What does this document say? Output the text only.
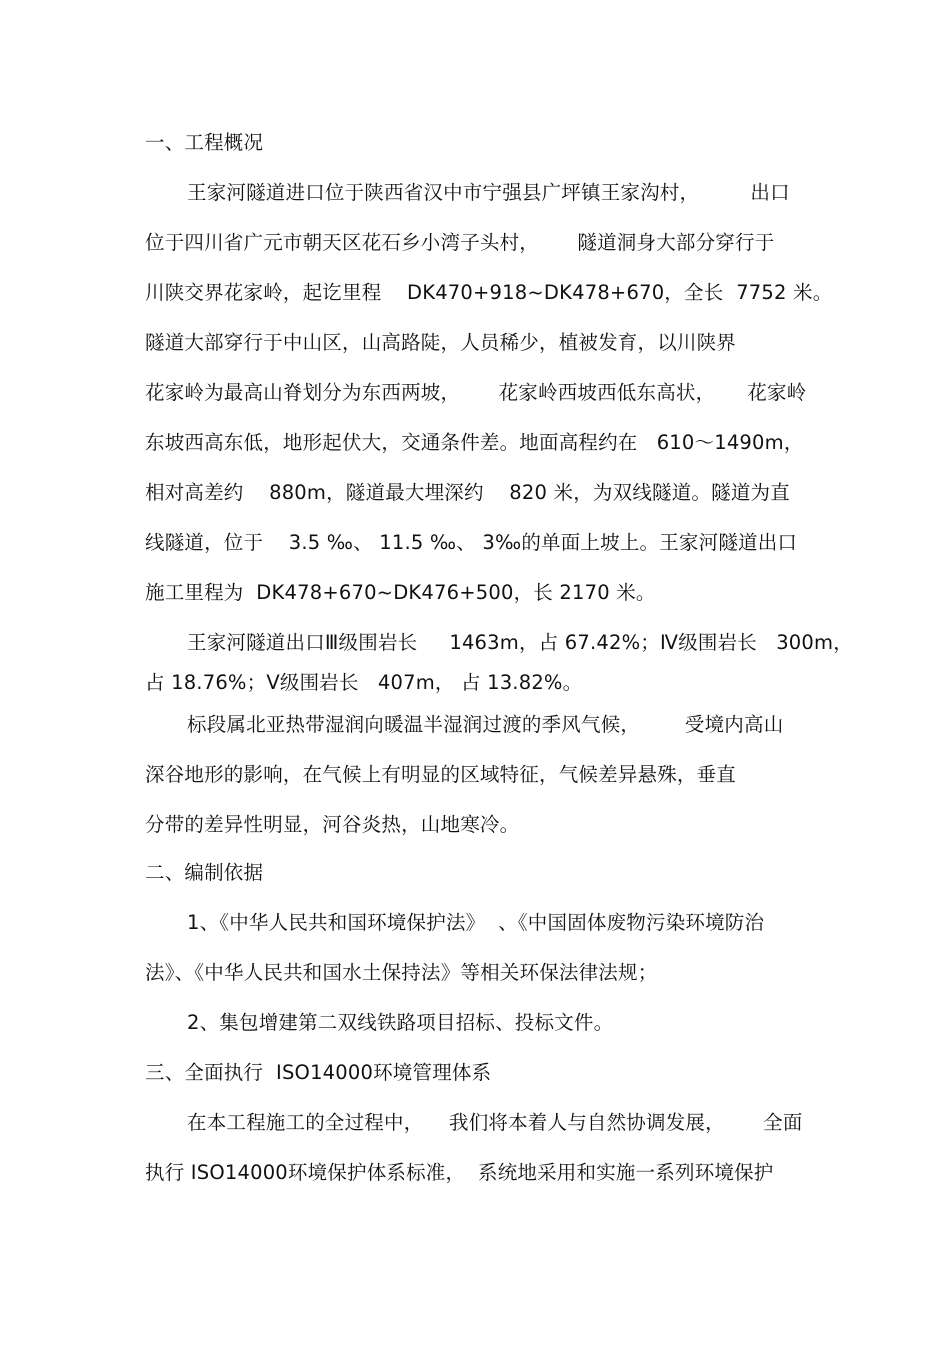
一、工程概况
王家河隧道进口位于陕西省汉中市宁强县广坪镇王家沟村，        出口
位于四川省广元市朝天区花石乡小湾子头村，      隧道洞身大部分穿行于
川陕交界花家岭，起讫里程    DK470+918~DK478+670，全长  7752 米。
隧道大部穿行于中山区，山高路陡，人员稀少，植被发育，以川陕界
花家岭为最高山脊划分为东西两坡，      花家岭西坡西低东高状，     花家岭
东坡西高东低，地形起伏大，交通条件差。地面高程约在   610～1490m，
相对高差约    880m，隧道最大埋深约    820 米，为双线隧道。隧道为直
线隧道，位于    3.5 ‰、 11.5 ‰、 3‰的单面上坡上。王家河隧道出口
施工里程为  DK478+670~DK476+500，长 2170 米。
王家河隧道出口Ⅲ级围岩长     1463m，占 67.42%；Ⅳ级围岩长   300m，
占 18.76%；Ⅴ级围岩长   407m， 占 13.82%。
标段属北亚热带湿润向暖温半湿润过渡的季风气候，       受境内高山
深谷地形的影响，在气候上有明显的区域特征，气候差异悬殊，垂直
分带的差异性明显，河谷炎热，山地寒冷。
二、编制依据
1、《中华人民共和国环境保护法》  、《中国固体废物污染环境防治
法》、《中华人民共和国水土保持法》等相关环保法律法规；
2、集包增建第二双线铁路项目招标、投标文件。
三、全面执行  ISO14000环境管理体系
在本工程施工的全过程中，    我们将本着人与自然协调发展，      全面
执行 ISO14000环境保护体系标准，  系统地采用和实施一系列环境保护
